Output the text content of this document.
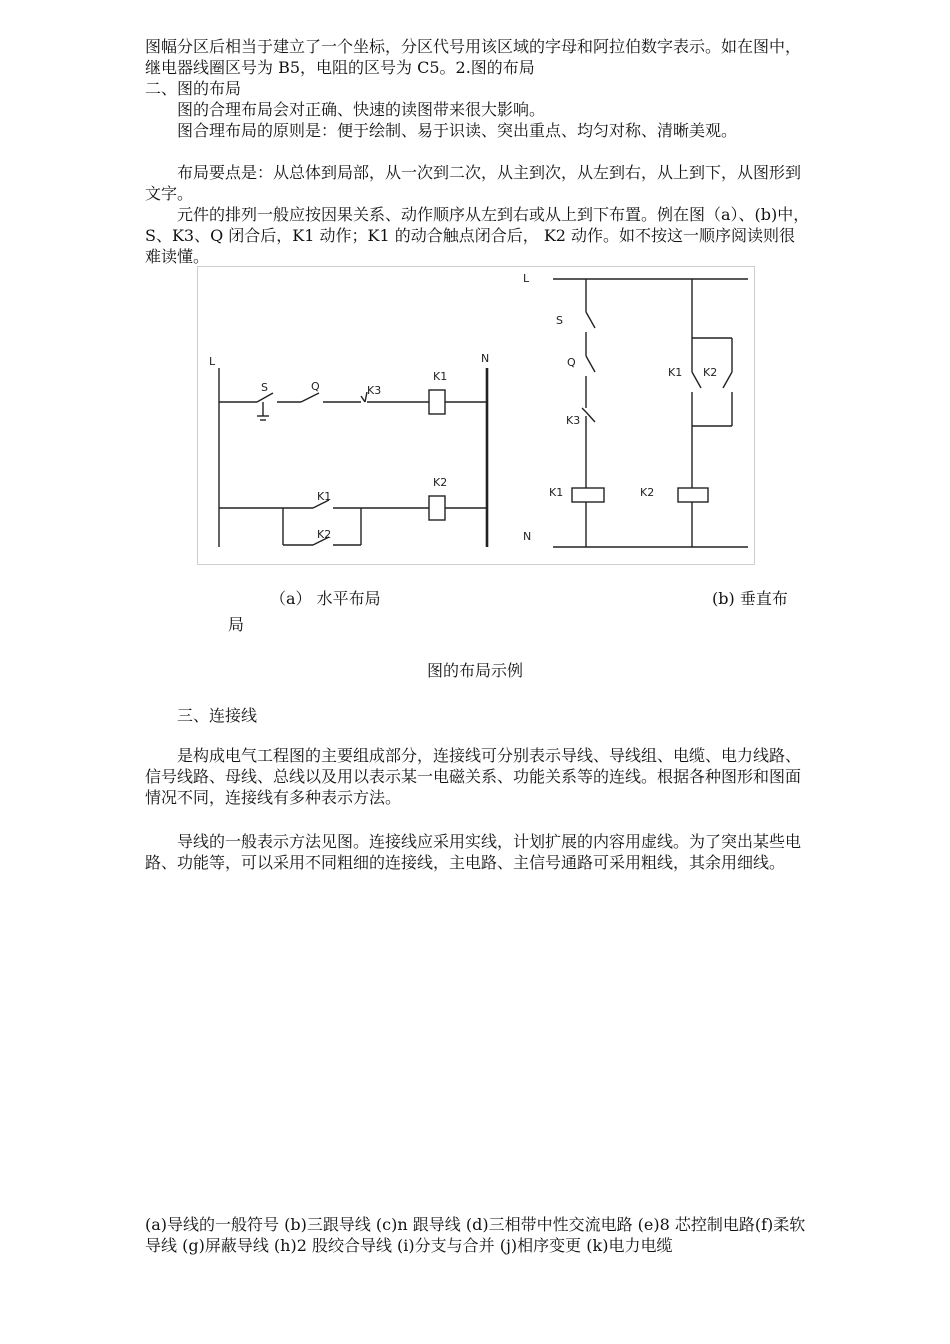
图幅分区后相当于建立了一个坐标，分区代号用该区域的字母和阿拉伯数字表示。如在图中，继电器线圈区号为 B5，电阻的区号为 C5。2.图的布局

二、图的布局

图的合理布局会对正确、快速的读图带来很大影响。

图合理布局的原则是：便于绘制、易于识读、突出重点、均匀对称、清晰美观。

布局要点是：从总体到局部，从一次到二次，从主到次，从左到右，从上到下，从图形到文字。

元件的排列一般应按因果关系、动作顺序从左到右或从上到下布置。例在图（a）、(b)中，S、K3、Q 闭合后，K1 动作；K1 的动合触点闭合后， K2 动作。如不按这一顺序阅读则很难读懂。

L	N
S	Q	K3
K1
K2
K1
K2
L
N
S
Q
K3
K1	K2
K1 K2
（a） 水平布局	(b) 垂直布
局
图的布局示例

三、连接线

是构成电气工程图的主要组成部分，连接线可分别表示导线、导线组、电缆、电力线路、信号线路、母线、总线以及用以表示某一电磁关系、功能关系等的连线。根据各种图形和图面情况不同，连接线有多种表示方法。

导线的一般表示方法见图。连接线应采用实线，计划扩展的内容用虚线。为了突出某些电路、功能等，可以采用不同粗细的连接线，主电路、主信号通路可采用粗线，其余用细线。

(a)导线的一般符号 (b)三跟导线 (c)n 跟导线 (d)三相带中性交流电路 (e)8 芯控制电路(f)柔软导线 (g)屏蔽导线 (h)2 股绞合导线 (i)分支与合并 (j)相序变更 (k)电力电缆
